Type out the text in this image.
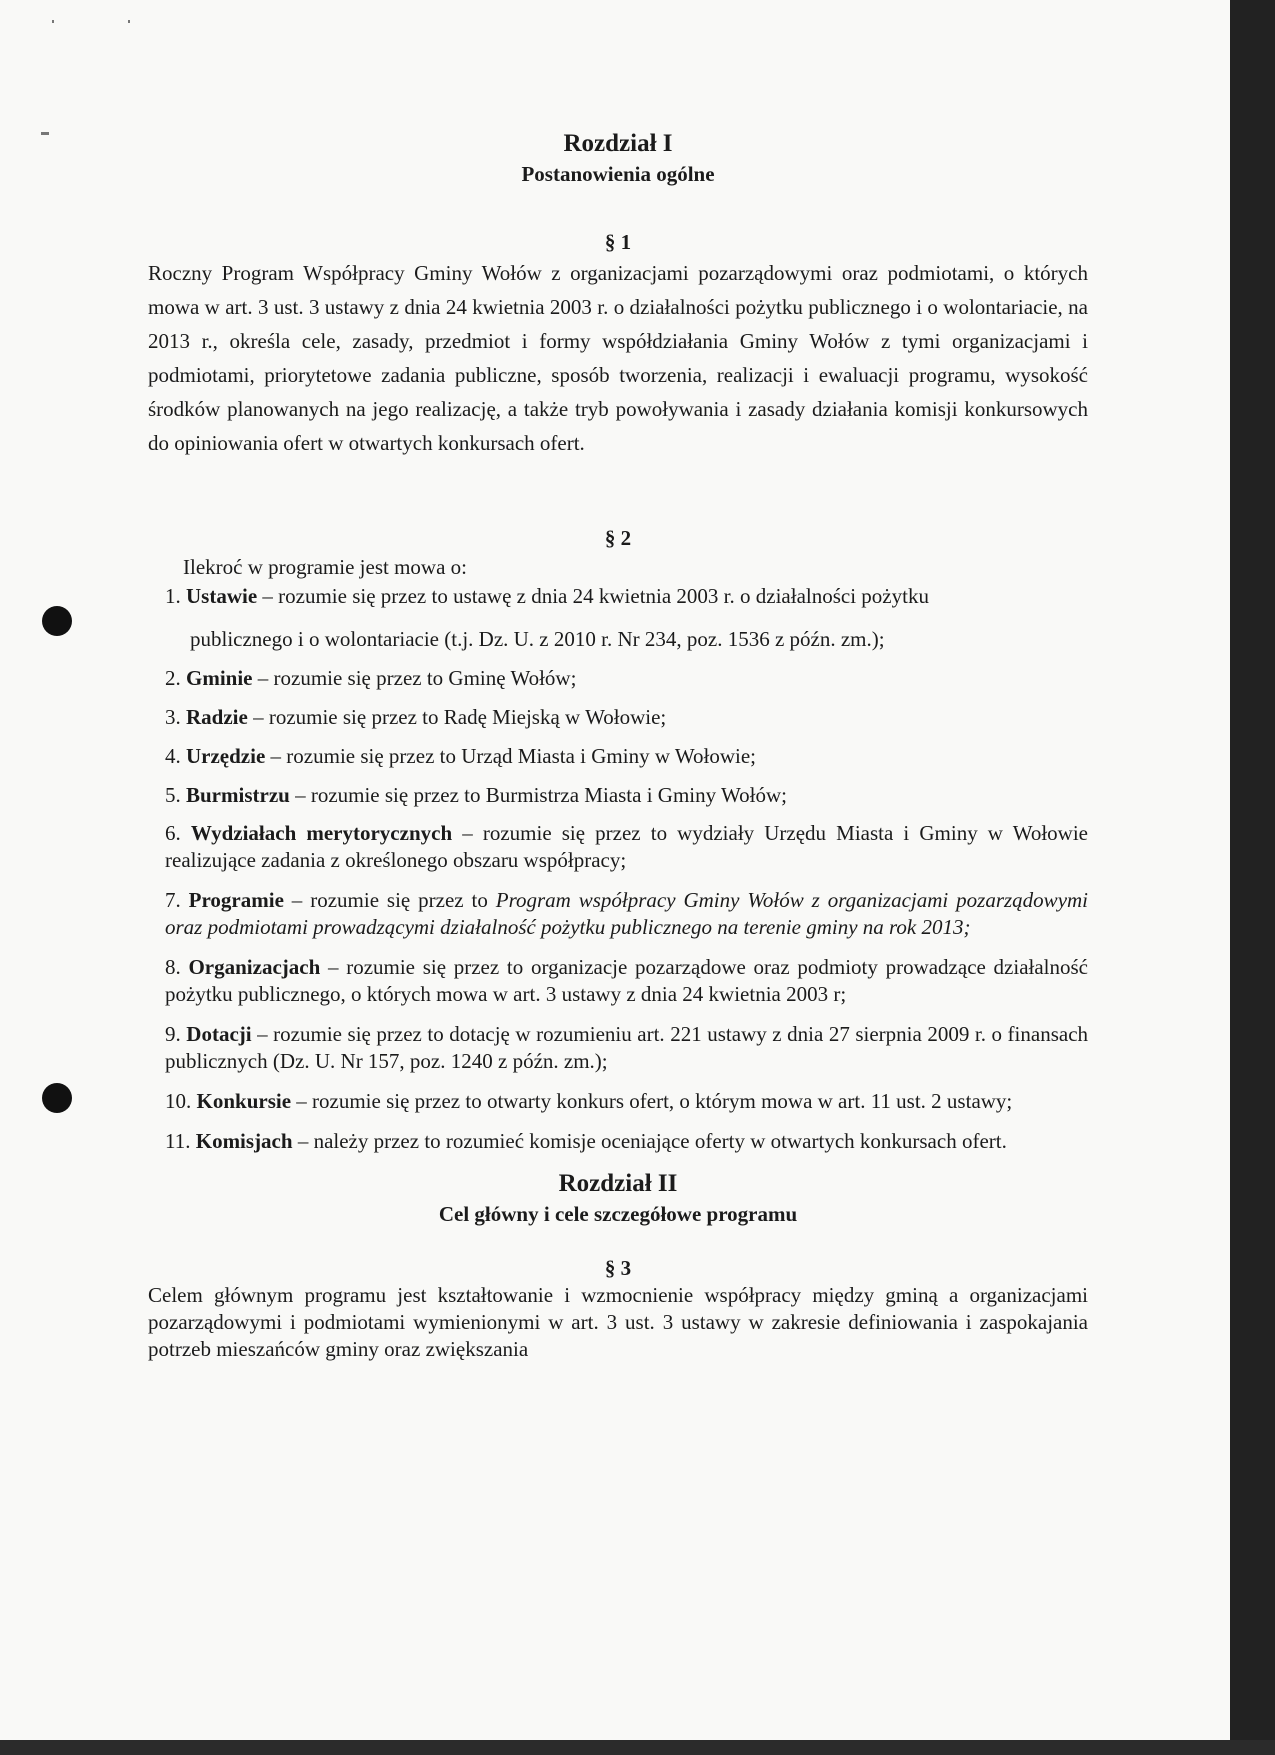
Rozdział I
Postanowienia ogólne
§ 1

Roczny Program Współpracy Gminy Wołów z organizacjami pozarządowymi oraz podmiotami, o których mowa w art. 3 ust. 3 ustawy z dnia 24 kwietnia 2003 r. o działalności pożytku publicznego i o wolontariacie, na 2013 r., określa cele, zasady, przedmiot i formy współdziałania Gminy Wołów z tymi organizacjami i podmiotami, priorytetowe zadania publiczne, sposób tworzenia, realizacji i ewaluacji programu, wysokość środków planowanych na jego realizację, a także tryb powoływania i zasady działania komisji konkursowych do opiniowania ofert w otwartych konkursach ofert.

§ 2

Ilekroć w programie jest mowa o:

1. Ustawie – rozumie się przez to ustawę z dnia 24 kwietnia 2003 r. o działalności pożytku
publicznego i o wolontariacie (t.j. Dz. U. z 2010 r. Nr 234, poz. 1536 z późn. zm.);
2. Gminie – rozumie się przez to Gminę Wołów;
3. Radzie – rozumie się przez to Radę Miejską w Wołowie;
4. Urzędzie – rozumie się przez to Urząd Miasta i Gminy w Wołowie;
5. Burmistrzu – rozumie się przez to Burmistrza Miasta i Gminy Wołów;
6. Wydziałach merytorycznych – rozumie się przez to wydziały Urzędu Miasta i Gminy w Wołowie realizujące zadania z określonego obszaru współpracy;
7. Programie – rozumie się przez to Program współpracy Gminy Wołów z organizacjami pozarządowymi oraz podmiotami prowadzącymi działalność pożytku publicznego na terenie gminy na rok 2013;
8. Organizacjach – rozumie się przez to organizacje pozarządowe oraz podmioty prowadzące działalność pożytku publicznego, o których mowa w art. 3 ustawy z dnia 24 kwietnia 2003 r;
9. Dotacji – rozumie się przez to dotację w rozumieniu art. 221 ustawy z dnia 27 sierpnia 2009 r. o finansach publicznych (Dz. U. Nr 157, poz. 1240 z późn. zm.);
10. Konkursie – rozumie się przez to otwarty konkurs ofert, o którym mowa w art. 11 ust. 2 ustawy;
11. Komisjach – należy przez to rozumieć komisje oceniające oferty w otwartych konkursach ofert.
Rozdział II
Cel główny i cele szczegółowe programu
§ 3

Celem głównym programu jest kształtowanie i wzmocnienie współpracy między gminą a organizacjami pozarządowymi i podmiotami wymienionymi w art. 3 ust. 3 ustawy w zakresie definiowania i zaspokajania potrzeb mieszańców gminy oraz zwiększania
